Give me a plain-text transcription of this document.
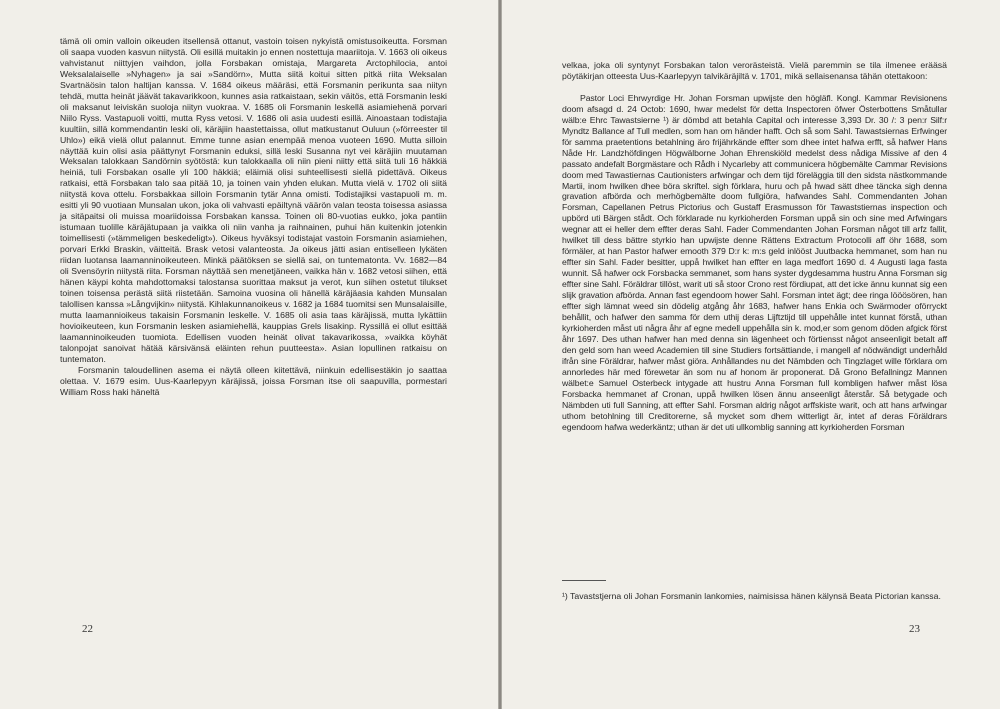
tämä oli omin valloin oikeuden itsellensä ottanut, vastoin toisen nykyistä omistusoikeutta. Forsman oli saapa vuoden kasvun niitystä. Oli esillä muitakin jo ennen nostettuja maariitoja. V. 1663 oli oikeus vahvistanut niittyjen vaihdon, jolla Forsbakan omistaja, Margareta Arctophilocia, antoi Weksalalaiselle »Nyhagen» ja sai »Sandörn», Mutta siitä koitui sitten pitkä riita Weksalan Svartnäösin talon haltijan kanssa. V. 1684 oikeus määräsi, että Forsmanin perikunta saa niityn tehdä, mutta heinät jäävät takavarikkoon, kunnes asia ratkaistaan, sekin väitös, että Forsmanin leski oli maksanut leiviskän suoloja niityn vuokraa. V. 1685 oli Forsmanin leskellä asiamiehenä porvari Niilo Ryss. Vastapuoli voitti, mutta Ryss vetosi. V. 1686 oli asia uudesti esillä. Ainoastaan todistajia kuultiin, sillä kommendantin leski oli, käräjiin haastettaissa, ollut matkustanut Ouluun (»förreester til Uhlo») eikä vielä ollut palannut. Emme tunne asian enempää menoa vuoteen 1690. Mutta silloin näyttää kuin olisi asia päättynyt Forsmanin eduksi, sillä leski Susanna nyt vei käräjiin muutaman Weksalan talokkaan Sandörnin syötöstä: kun talokkaalla oli niin pieni niitty että siitä tuli 16 häkkiä heiniä, tuli Forsbakan osalle yli 100 häkkiä; eläimiä olisi suhteellisesti siellä pidettävä. Oikeus ratkaisi, että Forsbakan talo saa pitää 10, ja toinen vain yhden elukan. Mutta vielä v. 1702 oli siitä niitystä kova ottelu. Forsbakkaa silloin Forsmanin tytär Anna omisti. Todistajiksi vastapuoli m. m. esitti yli 90 vuotiaan Munsalan ukon, joka oli vahvasti epäiltynä väärön valan teosta toisessa asiassa ja sitäpaitsi oli muissa moariidoissa Forsbakan kanssa. Toinen oli 80-vuotias eukko, joka pantiin istumaan tuolille käräjätupaan ja vaikka oli niin vanha ja raihnainen, puhui hän kuitenkin jotenkin toimellisesti (»tämmeligen beskedeligt»). Oikeus hyväksyi todistajat vastoin Forsmanin asiamiehen, porvari Erkki Braskin, väitteitä. Brask vetosi valanteosta. Ja oikeus jätti asian entiselleen lykäten riidan luotansa laamanninoikeuteen. Minkä päätöksen se siellä sai, on tuntematonta. Vv. 1682—84 oli Svensöyrin niitystä riita. Forsman näyttää sen menetjäneen, vaikka hän v. 1682 vetosi siihen, että hänen käypi kohta mahdottomaksi talostansa suorittaa maksut ja verot, kun siihen ostetut tilukset toinen toisensa perästä siitä riistetään. Samoina vuosina oli hänellä käräjäasia kahden Munsalan talollisen kanssa »Långvijkin» niitystä. Kihlakunnanoikeus v. 1682 ja 1684 tuomitsi sen Munsalaisille, mutta laamannioikeus takaisin Forsmanin leskelle. V. 1685 oli asia taas käräjissä, mutta lykättiin hovioikeuteen, kun Forsmanin lesken asiamiehellä, kauppias Grels Iisakinp. Ryssillä ei ollut esittää laamanninoikeuden tuomiota. Edellisen vuoden heinät olivat takavarikossa, »vaikka köyhät talonpojat sanoivat hätää kärsivänsä eläinten rehun puutteesta». Asian lopullinen ratkaisu on tuntematon.

Forsmanin taloudellinen asema ei näytä olleen kiitettävä, niinkuin edellisestäkin jo saattaa olettaa. V. 1679 esim. Uus-Kaarlepyyn käräjissä, joissa Forsman itse oli saapuvilla, pormestari William Ross haki häneltä

22

velkaa, joka oli syntynyt Forsbakan talon verorästeistä. Vielä paremmin se tila ilmenee erääsä pöytäkirjan otteesta Uus-Kaarlepyyn talvikäräjiltä v. 1701, mikä sellaisenansa tähän otettakoon:

Pastor Loci Ehrwyrdige Hr. Johan Forsman upwijste den högläfl. Kongl. Kammar Revisionens doom afsagd d. 24 Octob: 1690, hwar medelst för detta Inspectoren öfwer Österbottens Småtullar wälb:e Ehrc Tawastsierne ¹) är dömbd att betahla Capital och interesse 3,393 Dr. 30 /: 3 pen:r Silf:r Myndtz Ballance af Tull medlen, som han om händer hafft. Och så som Sahl. Tawastsiernas Erfwinger för samma praetentions betahlning äro frijährkände effter som dhee intet hafwa erfft, så hafwer Hans Nåde Hr. Landzhöfdingen Högwälborne Johan Ehrenskiöld medelst dess nådiga Missive af den 4 passato andefalt Borgmästare och Rådh i Nycarleby att communicera högbemälte Cammar Revisions doom med Tawastiernas Cautionisters arfwingar och dem tijd föreläggia till den sidsta nästkommande Martii, inom hwilken dhee böra skriftel. sigh förklara, huru och på hwad sätt dhee täncka sigh denna gravation afbörda och merhögbemälte doom fullgiöra, hafwandes Sahl. Commendanten Johan Forsman, Capellanen Petrus Pictorius och Gustaff Erasmusson för Tawaststiernas inspection och upbörd uti Bärgen stådt. Och förklarade nu kyrkioherden Forsman uppå sin och sine med Arfwingars wegnar att ei heller dem effter deras Sahl. Fader Commendanten Johan Forsman något till arfz fallit, hwilket till dess bättre styrkio han upwijste denne Rättens Extractum Protocolli aff öhr 1688, som förmäler, at han Pastor hafwer emooth 379 D:r k: m:s geld inlööst Juutbacka hemmanet, som han nu effter sin Sahl. Fader besitter, uppå hwilket han effter en laga medfort 1690 d. 4 Augusti laga fasta wunnit. Så hafwer ock Forsbacka semmanet, som hans syster dygdesamma hustru Anna Forsman sig effter sine Sahl. Föräldrar tillöst, warit uti så stoor Crono rest fördiupat, att det icke ännu kunnat sig een slijk gravation afbörda. Annan fast egendoom hower Sahl. Forsman intet ägt; dee ringa lööösören, han effter sigh lämnat weed sin dödelig atgång åhr 1683, hafwer hans Enkia och Swärmoder oförryckt behållit, och hafwer den samma för dem uthij deras Lijftztijd till uppehålle intet kunnat förstå, uthan kyrkioherden måst uti några åhr af egne medell uppehålla sin k. mod,er som genom döden afgick först åhr 1697. Des uthan hafwer han med denna sin lägenheet och förtiensst något anseenligit betalt aff den geld som han weed Academien till sine Studiers fortsättiande, i mangell af nödwändigt underhåld ifrån sine Föräldrar, hafwer måst giöra. Anhållandes nu det Nämbden och Tingzlaget wille förklara om annorledes här med förewetar än som nu af honom är proponerat. Då Grono Befallningz Mannen wälbet:e Samuel Osterbeck intygade att hustru Anna Forsman full kombligen hafwer måst lösa Forsbacka hemmanet af Cronan, uppå hwilken lösen ännu anseenligt återstår. Så betygade och Nämbden uti full Sanning, att effter Sahl. Forsman aldrig något arffskiste warit, och att hans arfwingar uthom betohlning till Creditorerne, så mycket som dhem witterligt är, intet af deras Föräldrars egendoom hafwa wederkäntz; uthan är det uti ullkomblig sanning att kyrkioherden Forsman

¹) Tavaststjerna oli Johan Forsmanin lankomies, naimisissa hänen kälynsä Beata Pictorian kanssa.
23
